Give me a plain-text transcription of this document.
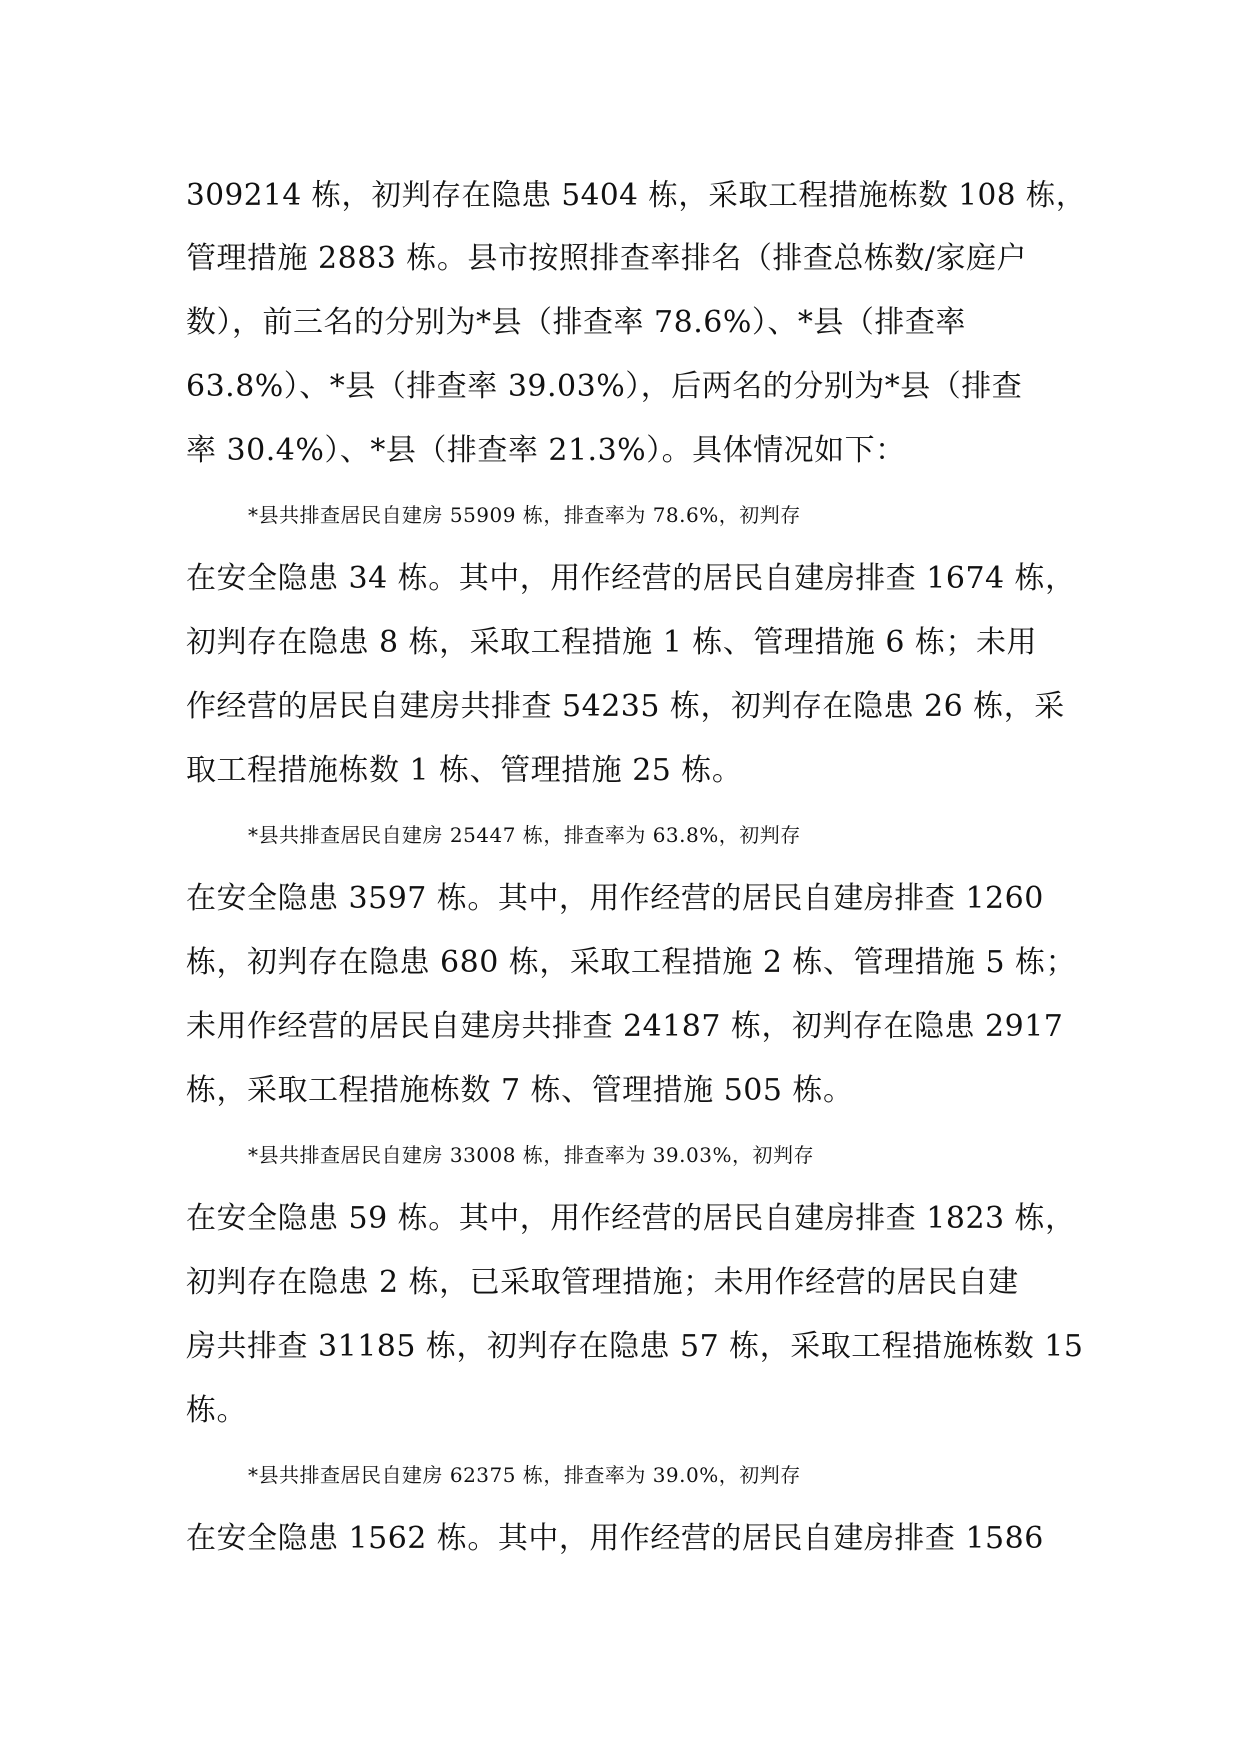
309214 栋，初判存在隐患 5404 栋，采取工程措施栋数 108 栋，
管理措施 2883 栋。县市按照排查率排名（排查总栋数/家庭户
数），前三名的分别为*县（排查率 78.6%）、*县（排查率
63.8%）、*县（排查率 39.03%），后两名的分别为*县（排查
率 30.4%）、*县（排查率 21.3%）。具体情况如下：
*县共排查居民自建房 55909 栋，排查率为 78.6%，初判存
在安全隐患 34 栋。其中，用作经营的居民自建房排查 1674 栋，
初判存在隐患 8 栋，采取工程措施 1 栋、管理措施 6 栋；未用
作经营的居民自建房共排查 54235 栋，初判存在隐患 26 栋，采
取工程措施栋数 1 栋、管理措施 25 栋。
*县共排查居民自建房 25447 栋，排查率为 63.8%，初判存
在安全隐患 3597 栋。其中，用作经营的居民自建房排查 1260
栋，初判存在隐患 680 栋，采取工程措施 2 栋、管理措施 5 栋；
未用作经营的居民自建房共排查 24187 栋，初判存在隐患 2917
栋，采取工程措施栋数 7 栋、管理措施 505 栋。
*县共排查居民自建房 33008 栋，排查率为 39.03%，初判存
在安全隐患 59 栋。其中，用作经营的居民自建房排查 1823 栋，
初判存在隐患 2 栋，已采取管理措施；未用作经营的居民自建
房共排查 31185 栋，初判存在隐患 57 栋，采取工程措施栋数 15
栋。
*县共排查居民自建房 62375 栋，排查率为 39.0%，初判存
在安全隐患 1562 栋。其中，用作经营的居民自建房排查 1586
